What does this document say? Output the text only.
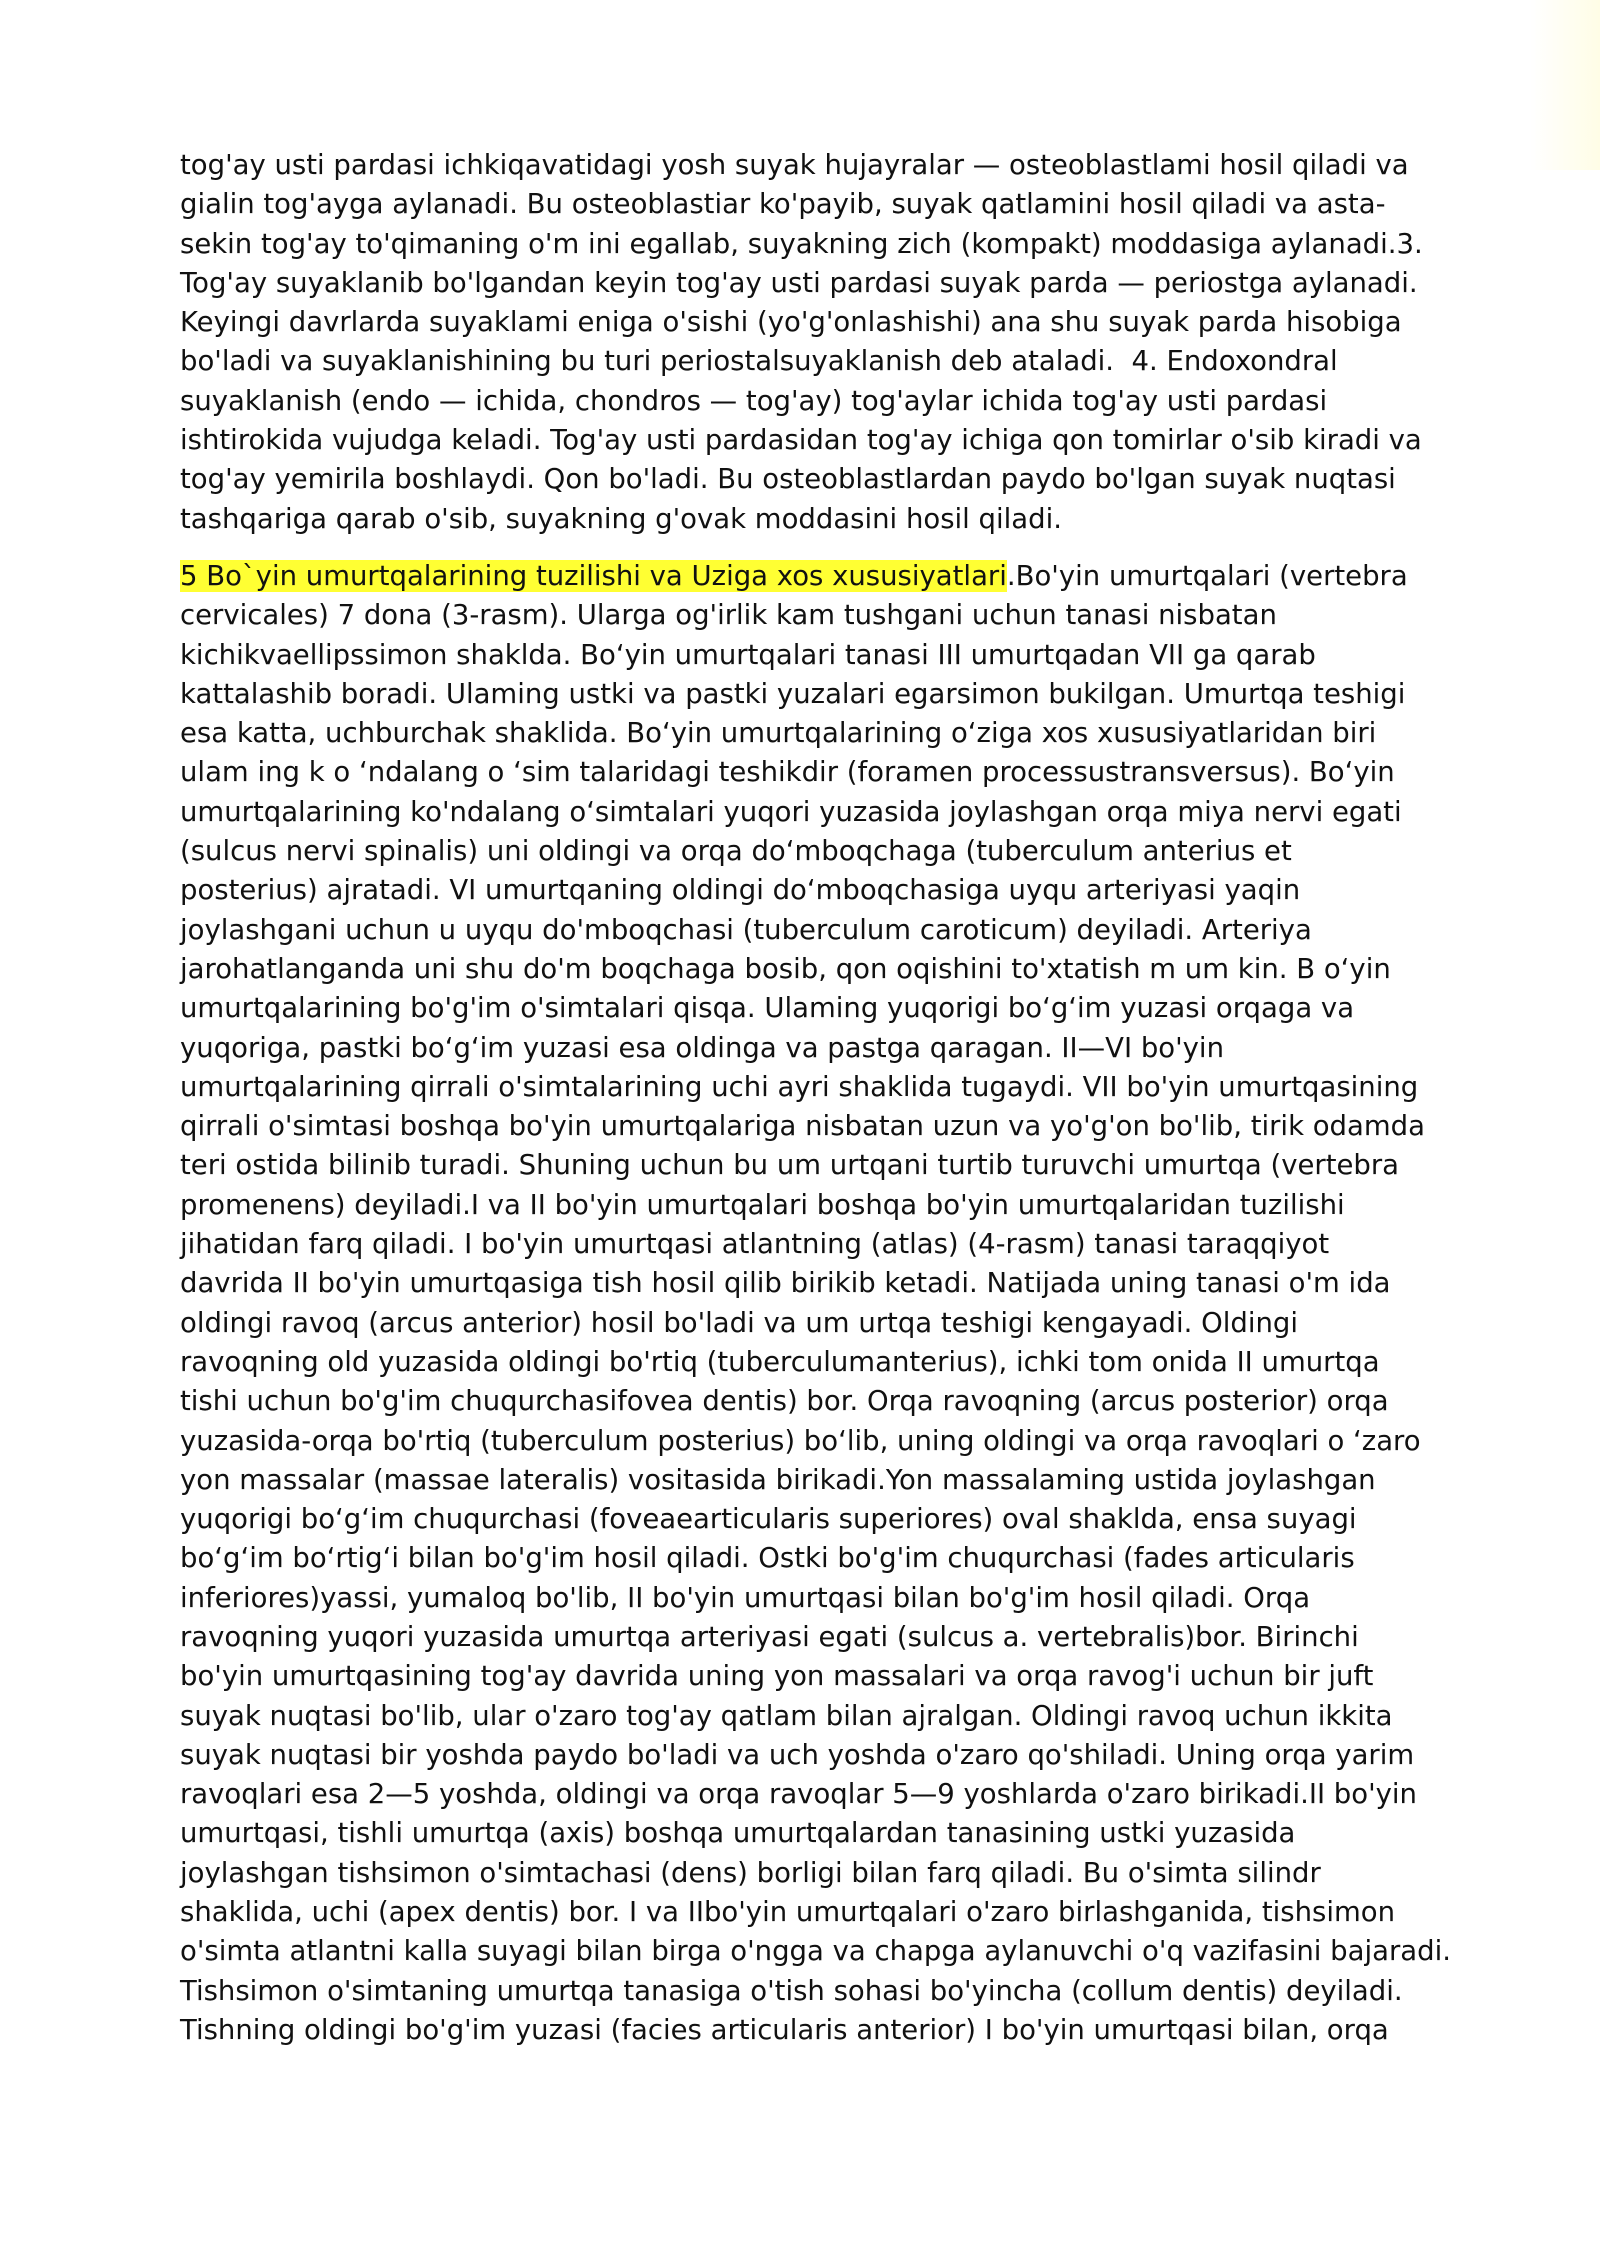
tog'ay usti pardasi ichkiqavatidagi yosh suyak hujayralar — osteoblastlami hosil qiladi va
gialin tog'ayga aylanadi. Bu osteoblastiar ko'payib, suyak qatlamini hosil qiladi va asta-
sekin tog'ay to'qimaning o'm ini egallab, suyakning zich (kompakt) moddasiga aylanadi.3.
Tog'ay suyaklanib bo'lgandan keyin tog'ay usti pardasi suyak parda — periostga aylanadi.
Keyingi davrlarda suyaklami eniga o'sishi (yo'g'onlashishi) ana shu suyak parda hisobiga
bo'ladi va suyaklanishining bu turi periostalsuyaklanish deb ataladi.  4. Endoxondral
suyaklanish (endo — ichida, chondros — tog'ay) tog'aylar ichida tog'ay usti pardasi
ishtirokida vujudga keladi. Tog'ay usti pardasidan tog'ay ichiga qon tomirlar o'sib kiradi va
tog'ay yemirila boshlaydi. Qon bo'ladi. Bu osteoblastlardan paydo bo'lgan suyak nuqtasi
tashqariga qarab o'sib, suyakning g'ovak moddasini hosil qiladi.
5 Bo`yin umurtqalarining tuzilishi va Uziga xos xususiyatlari.Bo'yin umurtqalari (vertebra
cervicales) 7 dona (3-rasm). Ularga og'irlik kam tushgani uchun tanasi nisbatan
kichikvaellipssimon shaklda. Bo‘yin umurtqalari tanasi III umurtqadan VII ga qarab
kattalashib boradi. Ulaming ustki va pastki yuzalari egarsimon bukilgan. Umurtqa teshigi
esa katta, uchburchak shaklida. Bo‘yin umurtqalarining o‘ziga xos xususiyatlaridan biri
ulam ing k o ‘ndalang o ‘sim talaridagi teshikdir (foramen processustransversus). Bo‘yin
umurtqalarining ko'ndalang o‘simtalari yuqori yuzasida joylashgan orqa miya nervi egati
(sulcus nervi spinalis) uni oldingi va orqa do‘mboqchaga (tuberculum anterius et
posterius) ajratadi. VI umurtqaning oldingi do‘mboqchasiga uyqu arteriyasi yaqin
joylashgani uchun u uyqu do'mboqchasi (tuberculum caroticum) deyiladi. Arteriya
jarohatlanganda uni shu do'm boqchaga bosib, qon oqishini to'xtatish m um kin. B o‘yin
umurtqalarining bo'g'im o'simtalari qisqa. Ulaming yuqorigi bo‘g‘im yuzasi orqaga va
yuqoriga, pastki bo‘g‘im yuzasi esa oldinga va pastga qaragan. II—VI bo'yin
umurtqalarining qirrali o'simtalarining uchi ayri shaklida tugaydi. VII bo'yin umurtqasining
qirrali o'simtasi boshqa bo'yin umurtqalariga nisbatan uzun va yo'g'on bo'lib, tirik odamda
teri ostida bilinib turadi. Shuning uchun bu um urtqani turtib turuvchi umurtqa (vertebra
promenens) deyiladi.I va II bo'yin umurtqalari boshqa bo'yin umurtqalaridan tuzilishi
jihatidan farq qiladi. I bo'yin umurtqasi atlantning (atlas) (4-rasm) tanasi taraqqiyot
davrida II bo'yin umurtqasiga tish hosil qilib birikib ketadi. Natijada uning tanasi o'm ida
oldingi ravoq (arcus anterior) hosil bo'ladi va um urtqa teshigi kengayadi. Oldingi
ravoqning old yuzasida oldingi bo'rtiq (tuberculumanterius), ichki tom onida II umurtqa
tishi uchun bo'g'im chuqurchasifovea dentis) bor. Orqa ravoqning (arcus posterior) orqa
yuzasida-orqa bo'rtiq (tuberculum posterius) bo‘lib, uning oldingi va orqa ravoqlari o ‘zaro
yon massalar (massae lateralis) vositasida birikadi.Yon massalaming ustida joylashgan
yuqorigi bo‘g‘im chuqurchasi (foveaearticularis superiores) oval shaklda, ensa suyagi
bo‘g‘im bo‘rtig‘i bilan bo'g'im hosil qiladi. Ostki bo'g'im chuqurchasi (fades articularis
inferiores)yassi, yumaloq bo'lib, II bo'yin umurtqasi bilan bo'g'im hosil qiladi. Orqa
ravoqning yuqori yuzasida umurtqa arteriyasi egati (sulcus a. vertebralis)bor. Birinchi
bo'yin umurtqasining tog'ay davrida uning yon massalari va orqa ravog'i uchun bir juft
suyak nuqtasi bo'lib, ular o'zaro tog'ay qatlam bilan ajralgan. Oldingi ravoq uchun ikkita
suyak nuqtasi bir yoshda paydo bo'ladi va uch yoshda o'zaro qo'shiladi. Uning orqa yarim
ravoqlari esa 2—5 yoshda, oldingi va orqa ravoqlar 5—9 yoshlarda o'zaro birikadi.II bo'yin
umurtqasi, tishli umurtqa (axis) boshqa umurtqalardan tanasining ustki yuzasida
joylashgan tishsimon o'simtachasi (dens) borligi bilan farq qiladi. Bu o'simta silindr
shaklida, uchi (apex dentis) bor. I va IIbo'yin umurtqalari o'zaro birlashganida, tishsimon
o'simta atlantni kalla suyagi bilan birga o'ngga va chapga aylanuvchi o'q vazifasini bajaradi.
Tishsimon o'simtaning umurtqa tanasiga o'tish sohasi bo'yincha (collum dentis) deyiladi.
Tishning oldingi bo'g'im yuzasi (facies articularis anterior) I bo'yin umurtqasi bilan, orqa
